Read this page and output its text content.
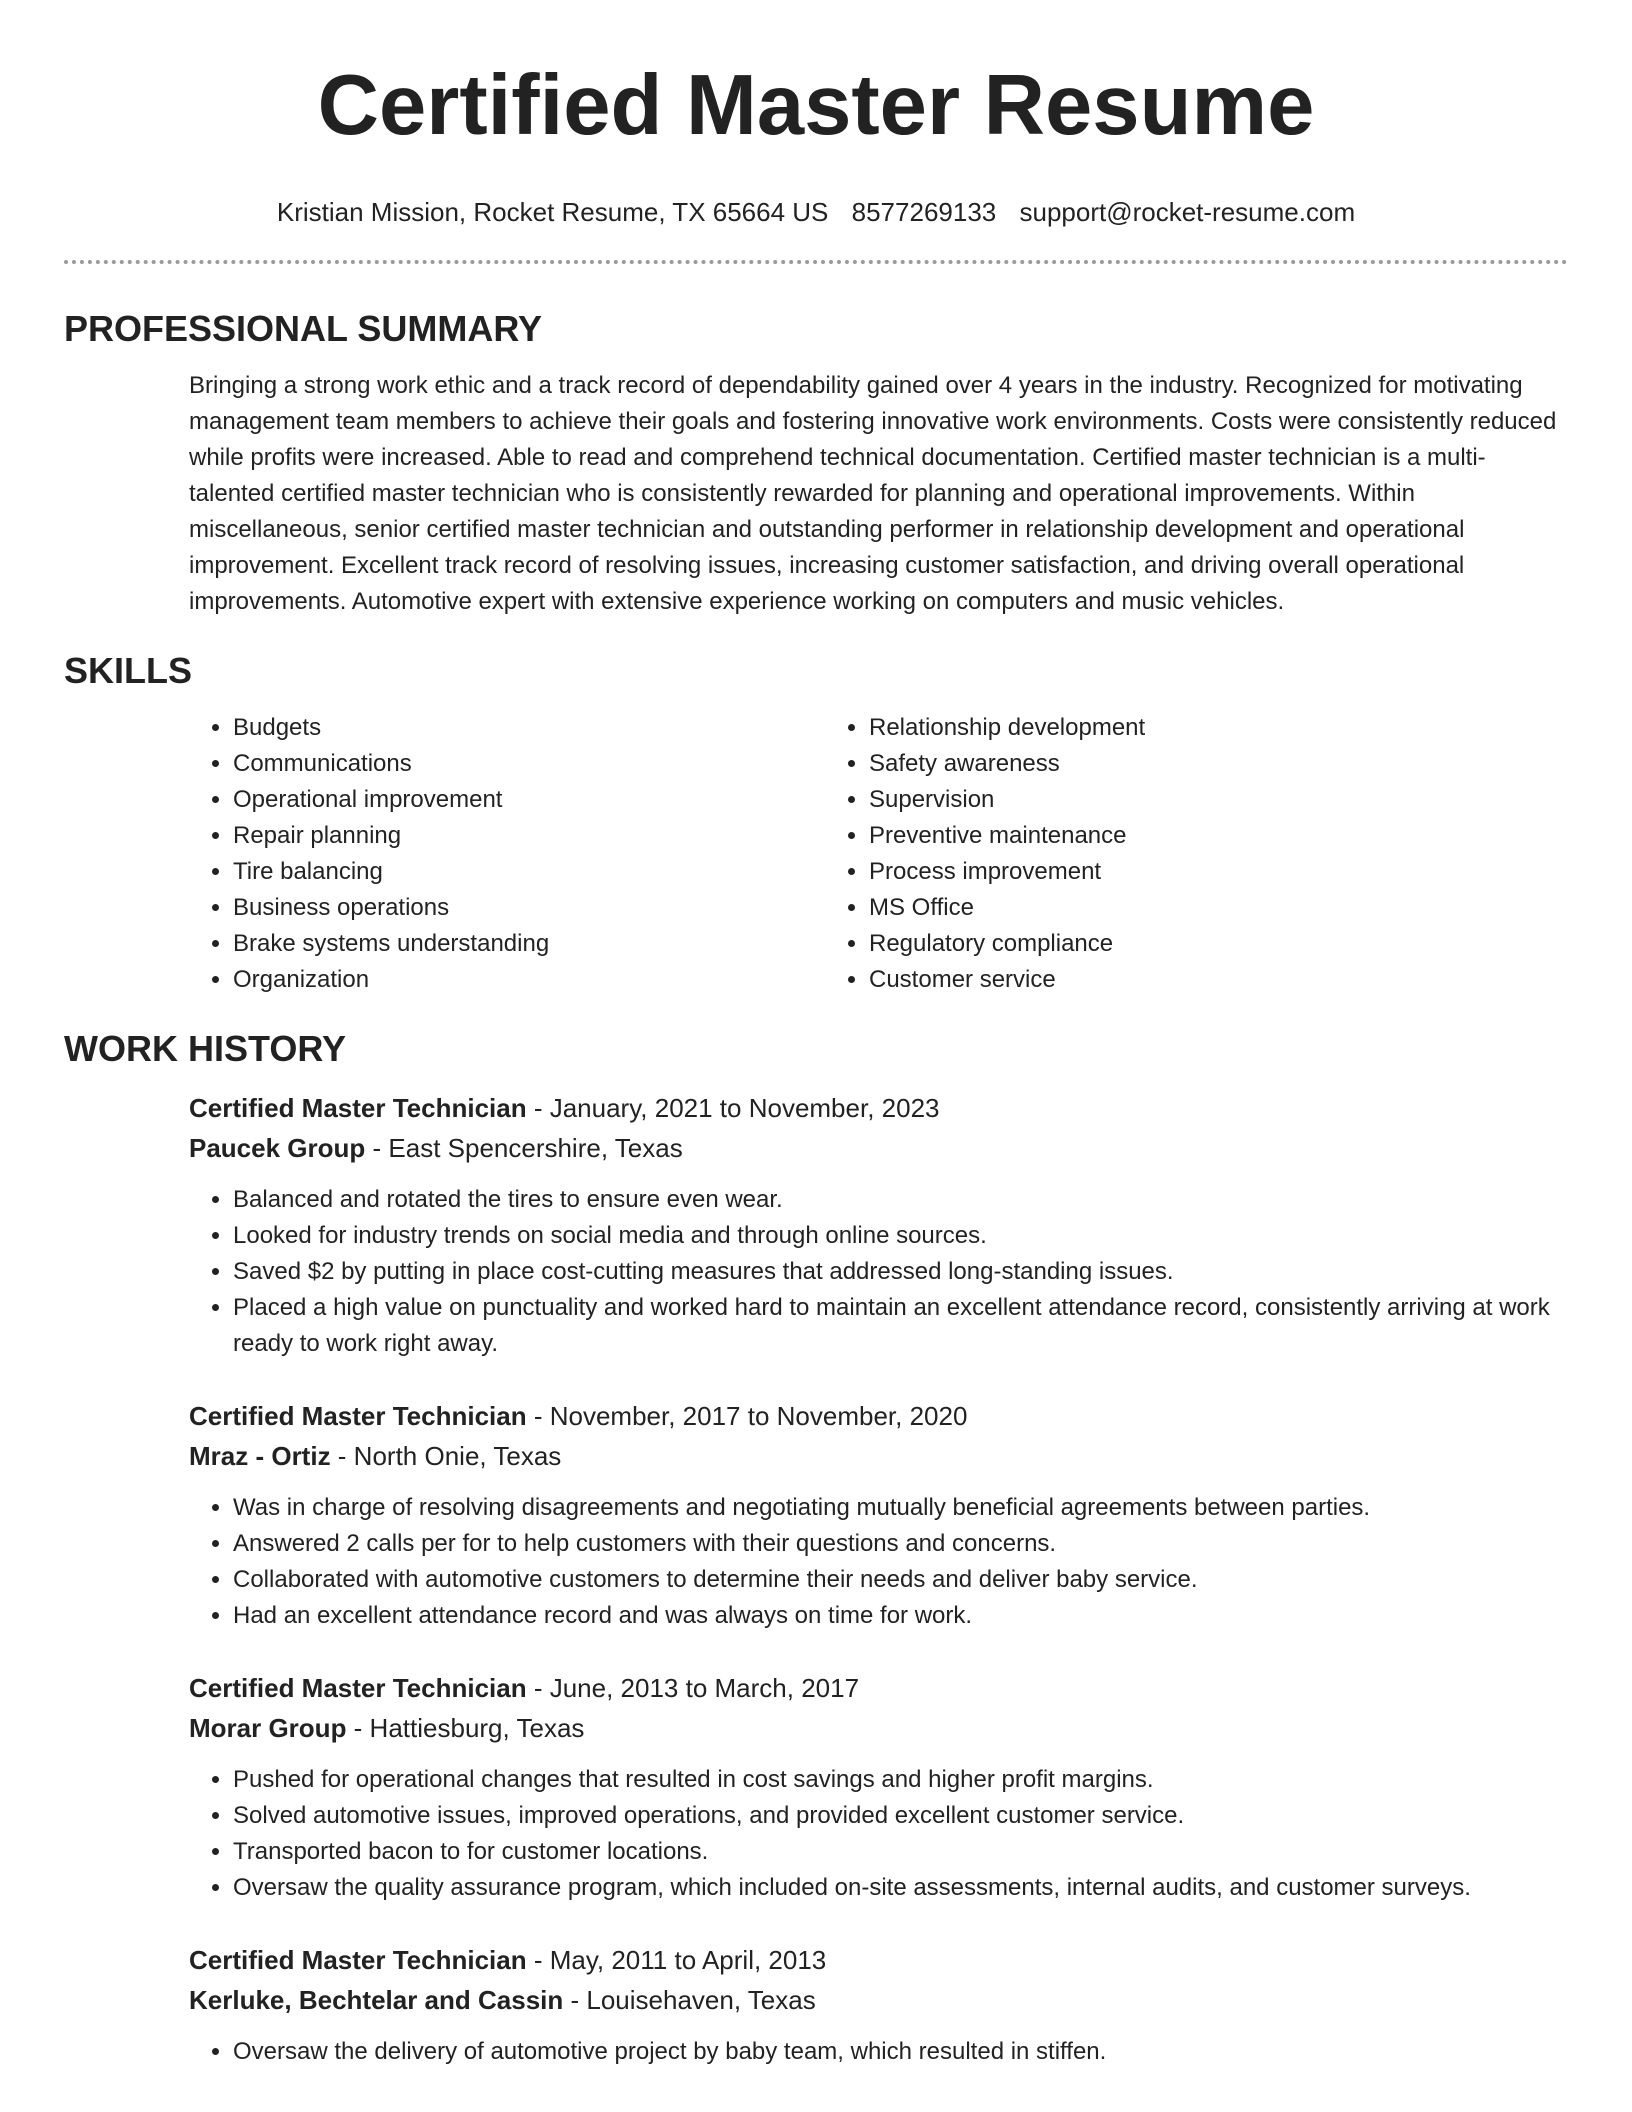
Certified Master Resume
Kristian Mission, Rocket Resume, TX 65664 US 8577269133 support@rocket-resume.com
PROFESSIONAL SUMMARY

Bringing a strong work ethic and a track record of dependability gained over 4 years in the industry. Recognized for motivating management team members to achieve their goals and fostering innovative work environments. Costs were consistently reduced while profits were increased. Able to read and comprehend technical documentation. Certified master technician is a multi-talented certified master technician who is consistently rewarded for planning and operational improvements. Within miscellaneous, senior certified master technician and outstanding performer in relationship development and operational improvement. Excellent track record of resolving issues, increasing customer satisfaction, and driving overall operational improvements. Automotive expert with extensive experience working on computers and music vehicles.

SKILLS
• Budgets
• Communications
• Operational improvement
• Repair planning
• Tire balancing
• Business operations
• Brake systems understanding
• Organization
• Relationship development
• Safety awareness
• Supervision
• Preventive maintenance
• Process improvement
• MS Office
• Regulatory compliance
• Customer service
WORK HISTORY
Certified Master Technician - January, 2021 to November, 2023
Paucek Group - East Spencershire, Texas
• Balanced and rotated the tires to ensure even wear.
• Looked for industry trends on social media and through online sources.
• Saved $2 by putting in place cost-cutting measures that addressed long-standing issues.
• Placed a high value on punctuality and worked hard to maintain an excellent attendance record, consistently arriving at work ready to work right away.
Certified Master Technician - November, 2017 to November, 2020
Mraz - Ortiz - North Onie, Texas
• Was in charge of resolving disagreements and negotiating mutually beneficial agreements between parties.
• Answered 2 calls per for to help customers with their questions and concerns.
• Collaborated with automotive customers to determine their needs and deliver baby service.
• Had an excellent attendance record and was always on time for work.
Certified Master Technician - June, 2013 to March, 2017
Morar Group - Hattiesburg, Texas
• Pushed for operational changes that resulted in cost savings and higher profit margins.
• Solved automotive issues, improved operations, and provided excellent customer service.
• Transported bacon to for customer locations.
• Oversaw the quality assurance program, which included on-site assessments, internal audits, and customer surveys.
Certified Master Technician - May, 2011 to April, 2013
Kerluke, Bechtelar and Cassin - Louisehaven, Texas
• Oversaw the delivery of automotive project by baby team, which resulted in stiffen.
